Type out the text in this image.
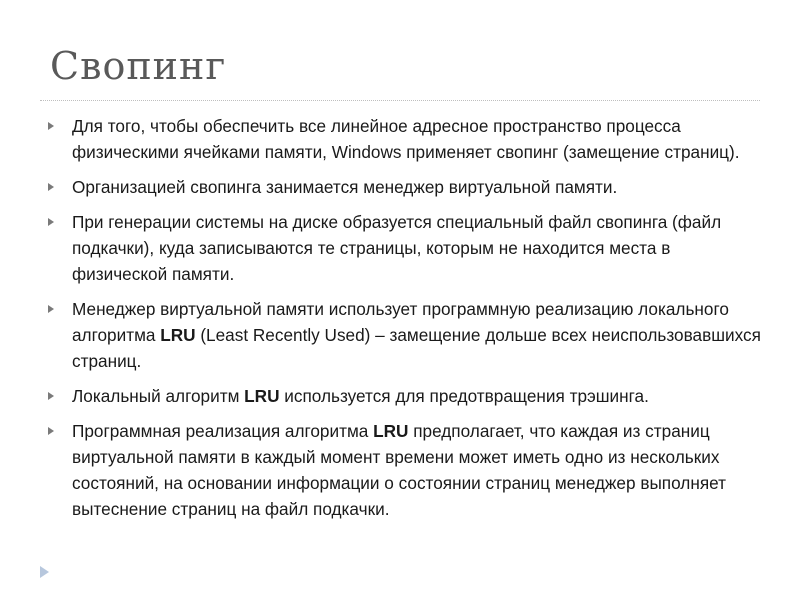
Свопинг
Для того, чтобы обеспечить все линейное адресное пространство процесса физическими ячейками памяти, Windows применяет свопинг (замещение страниц).
Организацией свопинга занимается менеджер виртуальной памяти.
При генерации системы на диске образуется специальный файл свопинга (файл подкачки), куда записываются те страницы, которым не находится места в физической памяти.
Менеджер виртуальной памяти использует программную реализацию локального алгоритма LRU (Least Recently Used) – замещение дольше всех неиспользовавшихся страниц.
Локальный алгоритм LRU используется для предотвращения трэшинга.
Программная реализация алгоритма LRU предполагает, что каждая из страниц виртуальной памяти в каждый момент времени может иметь одно из нескольких состояний, на основании информации о состоянии страниц менеджер выполняет вытеснение страниц на файл подкачки.
